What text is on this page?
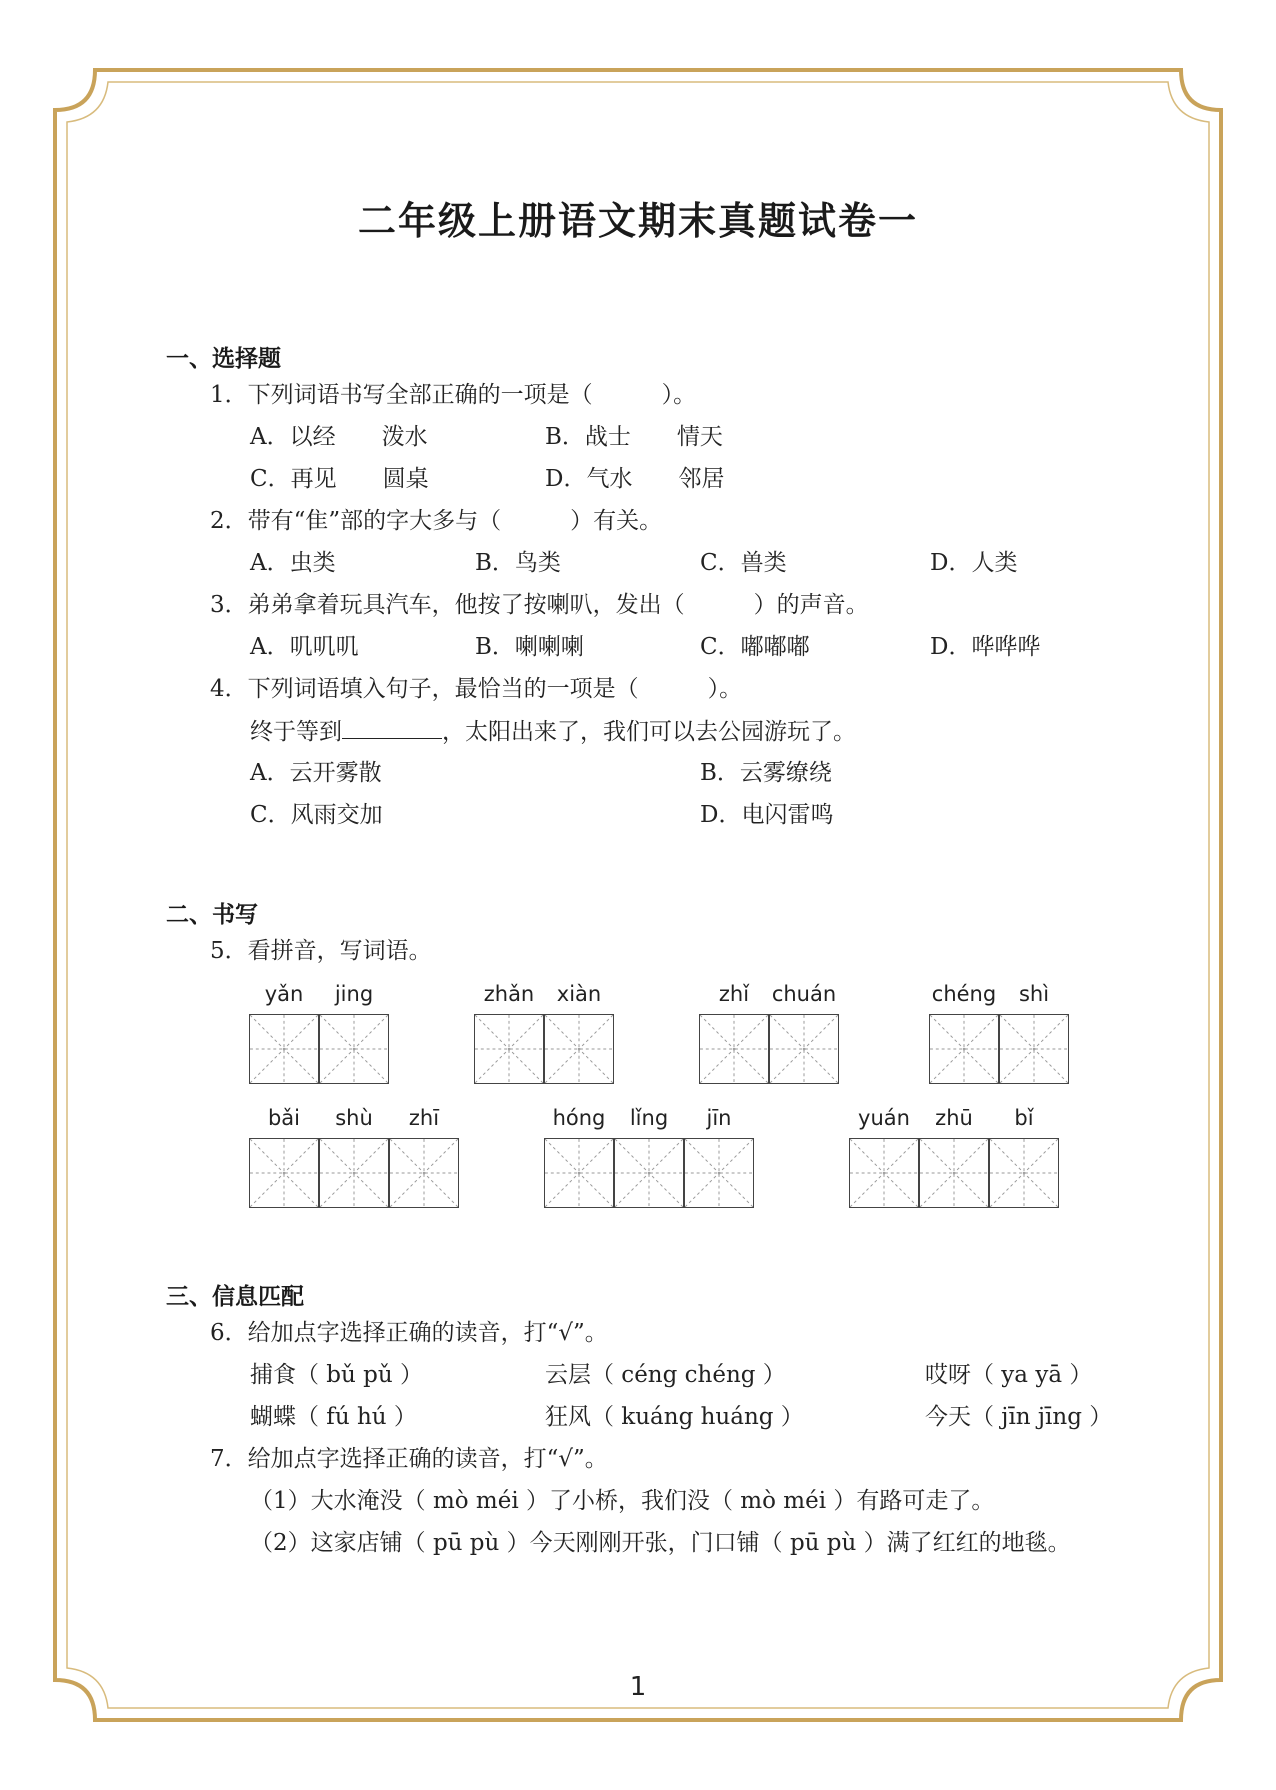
二年级上册语文期末真题试卷一
一、选择题
1．下列词语书写全部正确的一项是（　　　）。
A．以经　　泼水	B．战士　　情天
C．再见　　圆桌	D．气水　　邻居
2．带有“隹”部的字大多与（　　　）有关。
A．虫类	B．鸟类	C．兽类	D．人类
3．弟弟拿着玩具汽车，他按了按喇叭，发出（　　　）的声音。
A．叽叽叽	B．喇喇喇	C．嘟嘟嘟	D．哗哗哗
4．下列词语填入句子，最恰当的一项是（　　　）。
终于等到	，太阳出来了，我们可以去公园游玩了。
A．云开雾散	B．云雾缭绕
C．风雨交加	D．电闪雷鸣
二、书写
5．看拼音，写词语。
yǎn	jing	zhǎn	xiàn	zhǐ	chuán	chéng	shì
bǎi	shù	zhī	hóng	lǐng	jīn	yuán	zhū	bǐ
三、信息匹配
6．给加点字选择正确的读音，打“√”。
捕食（ bǔ pǔ ）	云层（ céng chéng ）	哎呀（ ya yā ）
蝴蝶（ fú hú ）	狂风（ kuáng huáng ）	今天（ jīn jīng ）
7．给加点字选择正确的读音，打“√”。
（1）大水淹没（ mò méi ）了小桥，我们没（ mò méi ）有路可走了。
（2）这家店铺（ pū pù ）今天刚刚开张，门口铺（ pū pù ）满了红红的地毯。
1
